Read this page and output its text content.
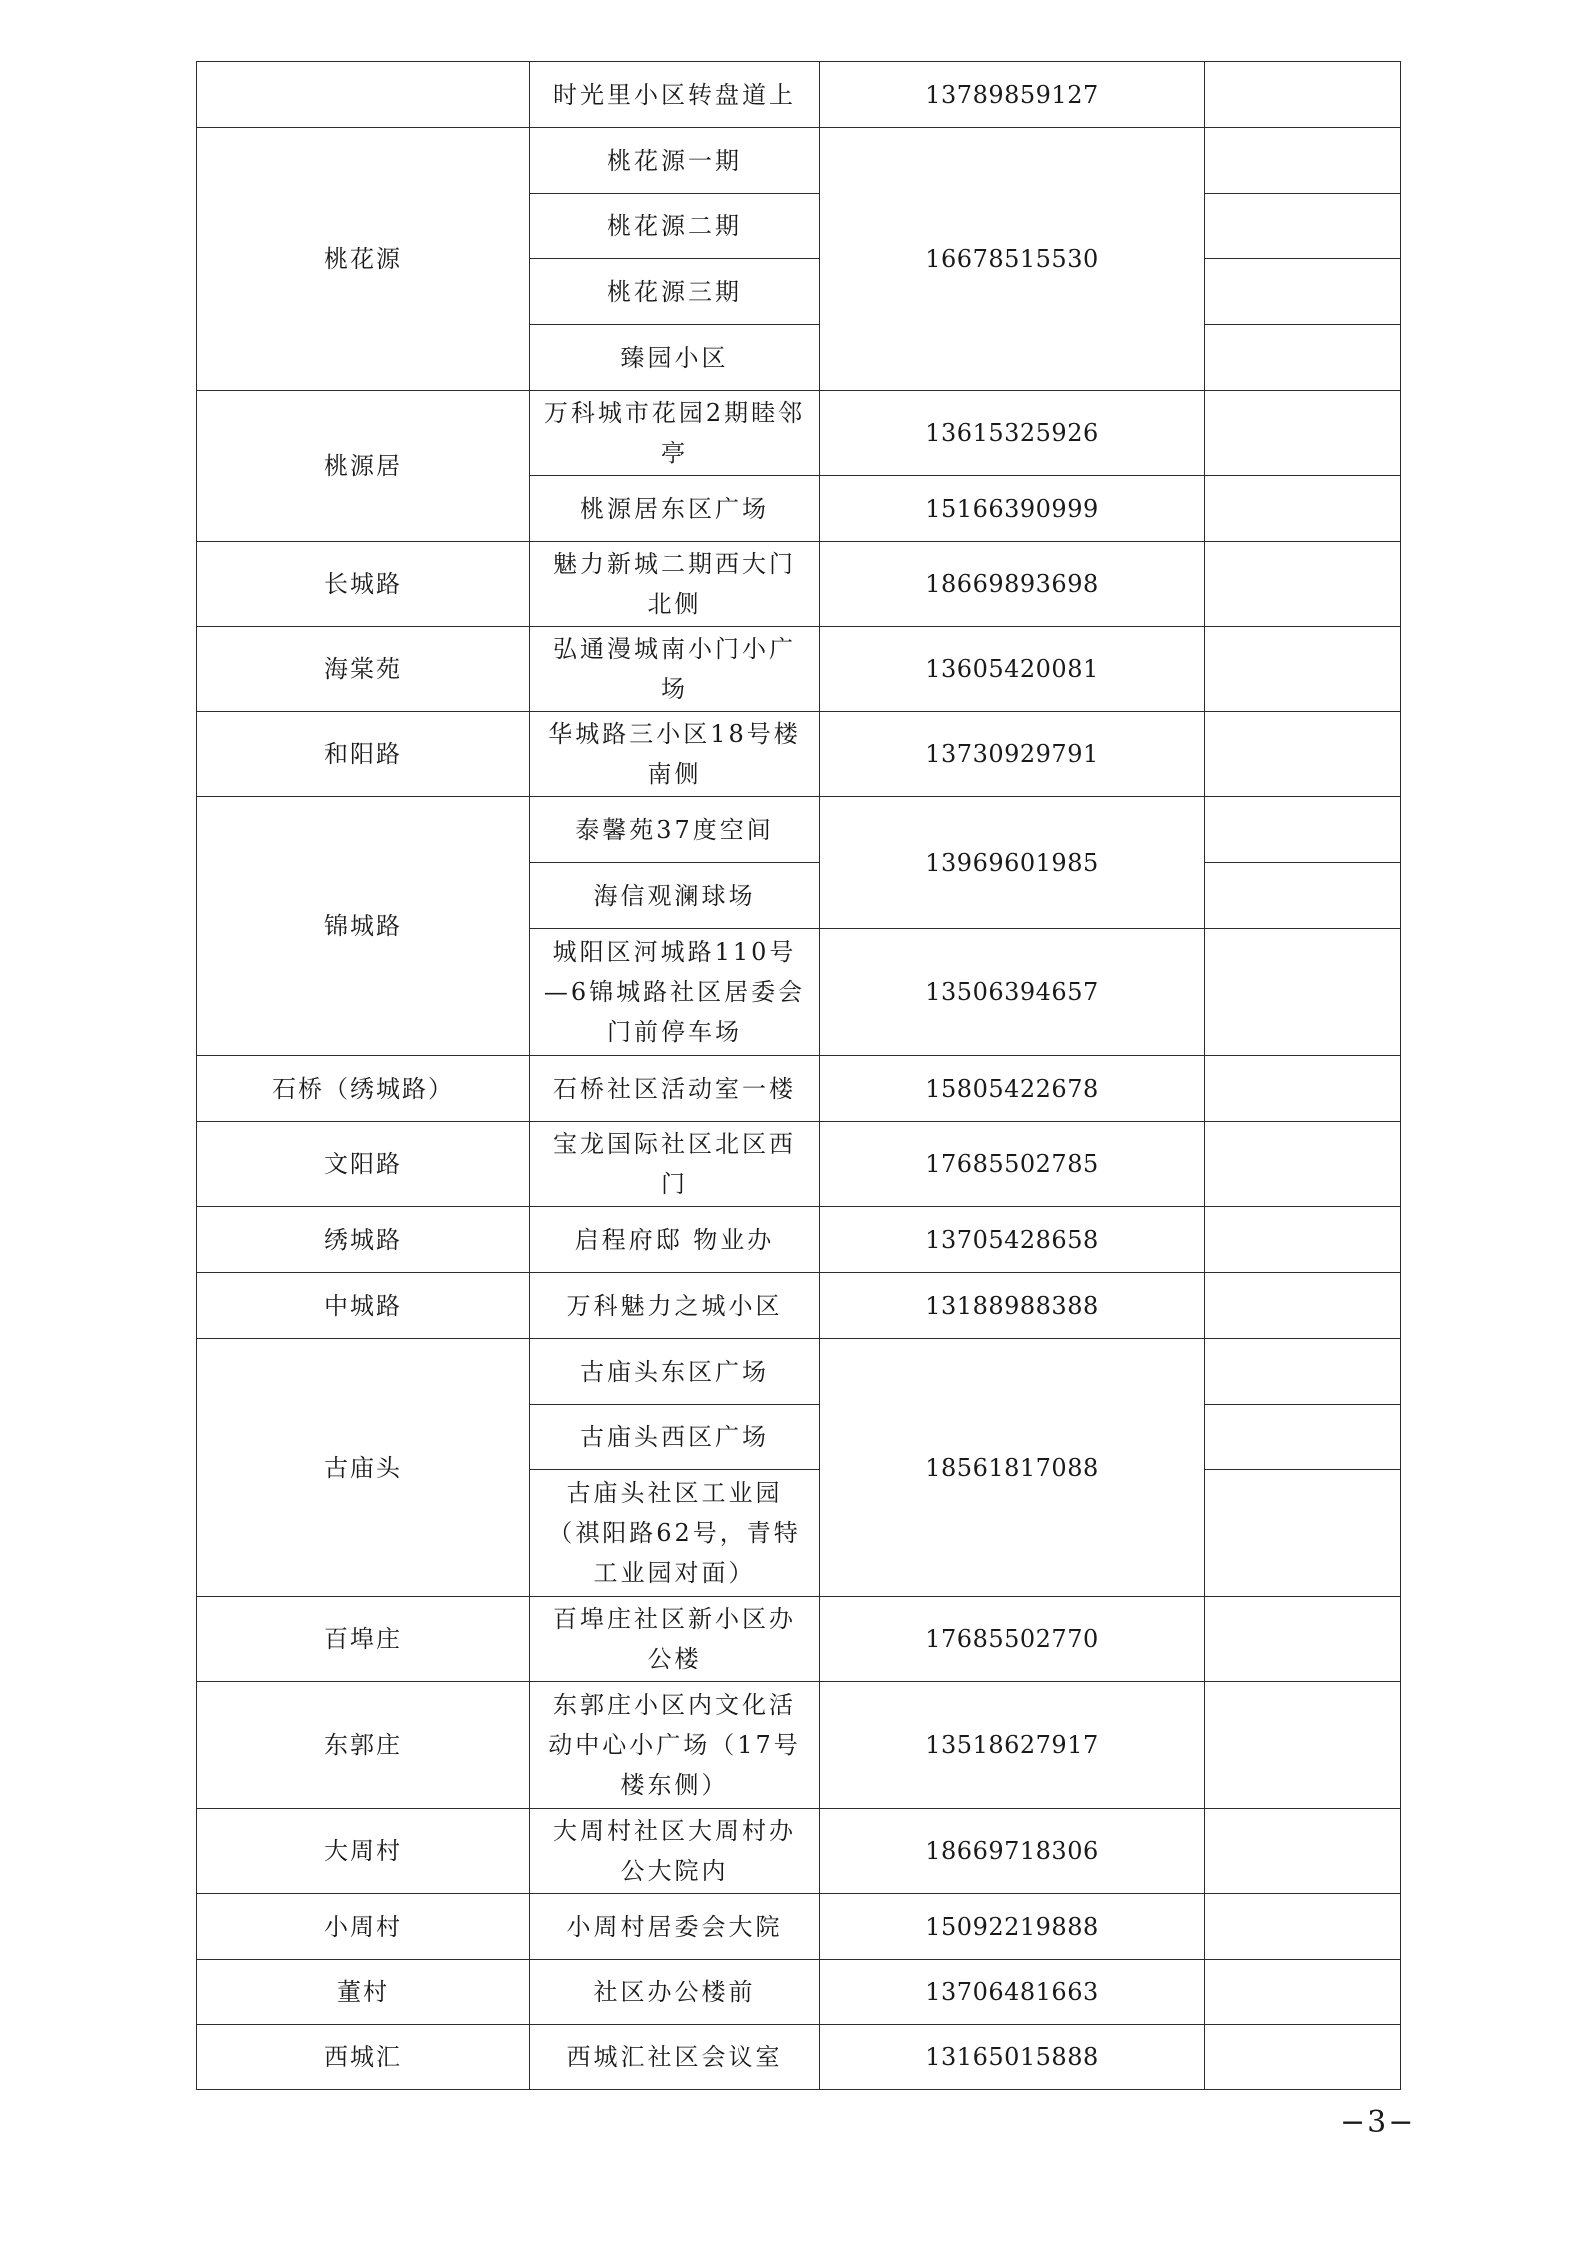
	时光里小区转盘道上	13789859127	
桃花源	桃花源一期	16678515530	
	桃花源二期		
	桃花源三期		
	臻园小区		
桃源居	万科城市花园2期睦邻亭	13615325926	
	桃源居东区广场	15166390999	
长城路	魅力新城二期西大门北侧	18669893698	
海棠苑	弘通漫城南小门小广场	13605420081	
和阳路	华城路三小区18号楼南侧	13730929791	
锦城路	泰馨苑37度空间	13969601985	
	海信观澜球场		
	城阳区河城路110号—6锦城路社区居委会门前停车场	13506394657	
石桥（绣城路）	石桥社区活动室一楼	15805422678	
文阳路	宝龙国际社区北区西门	17685502785	
绣城路	启程府邸 物业办	13705428658	
中城路	万科魅力之城小区	13188988388	
古庙头	古庙头东区广场	18561817088	
	古庙头西区广场		
	古庙头社区工业园（祺阳路62号，青特工业园对面）		
百埠庄	百埠庄社区新小区办公楼	17685502770	
东郭庄	东郭庄小区内文化活动中心小广场（17号楼东侧）	13518627917	
大周村	大周村社区大周村办公大院内	18669718306	
小周村	小周村居委会大院	15092219888	
董村	社区办公楼前	13706481663	
西城汇	西城汇社区会议室	13165015888	
−3−
